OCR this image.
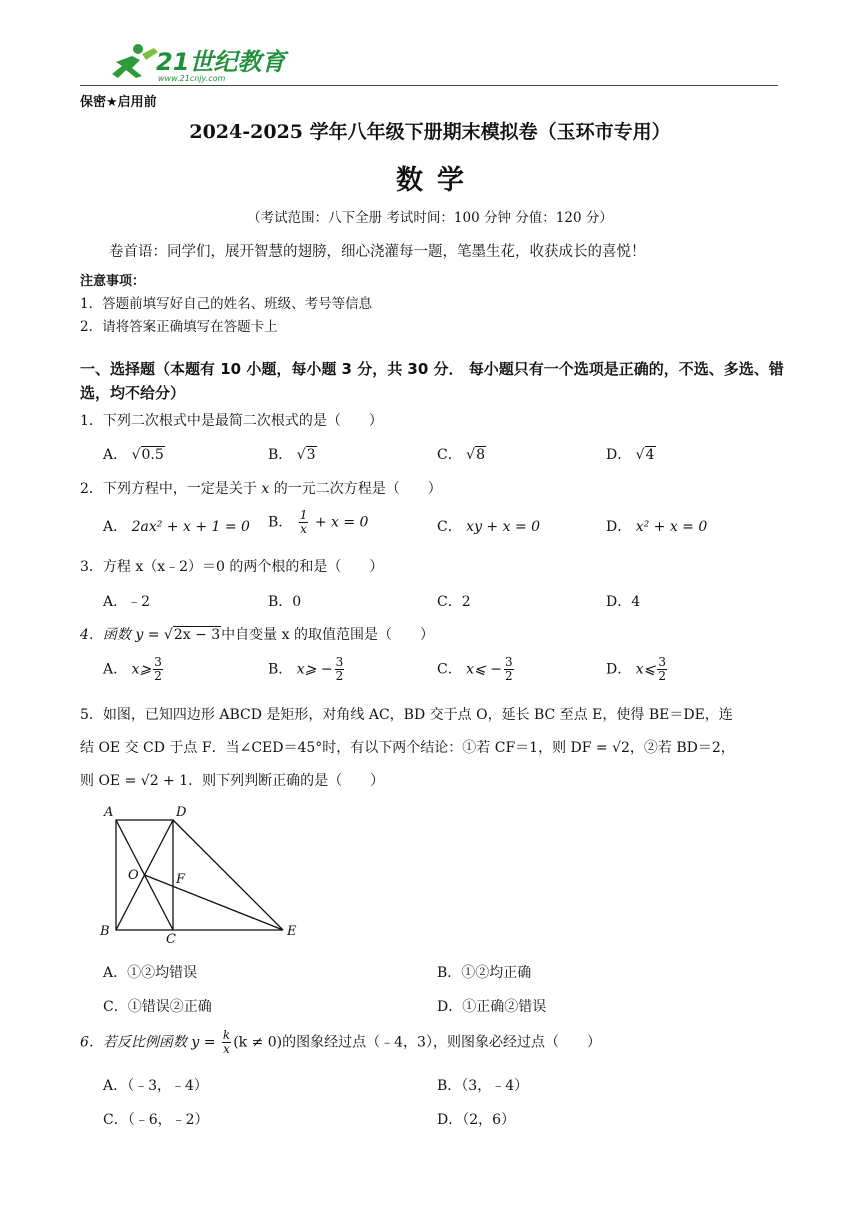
21世纪教育
www.21cnjy.com
保密★启用前
2024-2025 学年八年级下册期末模拟卷（玉环市专用）
数学
（考试范围：八下全册 考试时间：100 分钟 分值：120 分）
卷首语：同学们，展开智慧的翅膀，细心浇灌每一题，笔墨生花，收获成长的喜悦！
注意事项：
1．答题前填写好自己的姓名、班级、考号等信息
2．请将答案正确填写在答题卡上
一、选择题（本题有 10 小题，每小题 3 分，共 30 分． 每小题只有一个选项是正确的，不选、多选、错选，均不给分）
1．下列二次根式中是最简二次根式的是（　　）
A． √0.5	B． √3	C． √8	D． √4
2．下列方程中，一定是关于 x 的一元二次方程是（　　）
A． 2ax² + x + 1 = 0 B． $\frac{1}{x} + x = 0$	C． xy + x = 0	D． x² + x = 0
3．方程 x（x﹣2）＝0 的两个根的和是（　　）
A．﹣2	B．0	C．2	D．4
4．函数 y = √2x − 3中自变量 x 的取值范围是（　　）
A． x⩾ $\frac{3}{2}$	B． x⩾ − $\frac{3}{2}$	C． x⩽ − $\frac{3}{2}$	D． x⩽ $\frac{3}{2}$
5．如图，已知四边形 ABCD 是矩形，对角线 AC，BD 交于点 O，延长 BC 至点 E，使得 BE＝DE，连
结 OE 交 CD 于点 F．当∠CED＝45°时，有以下两个结论：①若 CF＝1，则 DF = √2，②若 BD＝2，
则 OE = √2 + 1．则下列判断正确的是（　　）
A	D
O	F
B
C
E
A．①②均错误	B．①②均正确
C．①错误②正确	D．①正确②错误
6．若反比例函数 $y = \frac{k}{x} (k \ne 0)$的图象经过点（﹣4，3），则图象必经过点（　　）
A．（﹣3，﹣4）	B．（3，﹣4）
C．（﹣6，﹣2）	D．（2，6）
